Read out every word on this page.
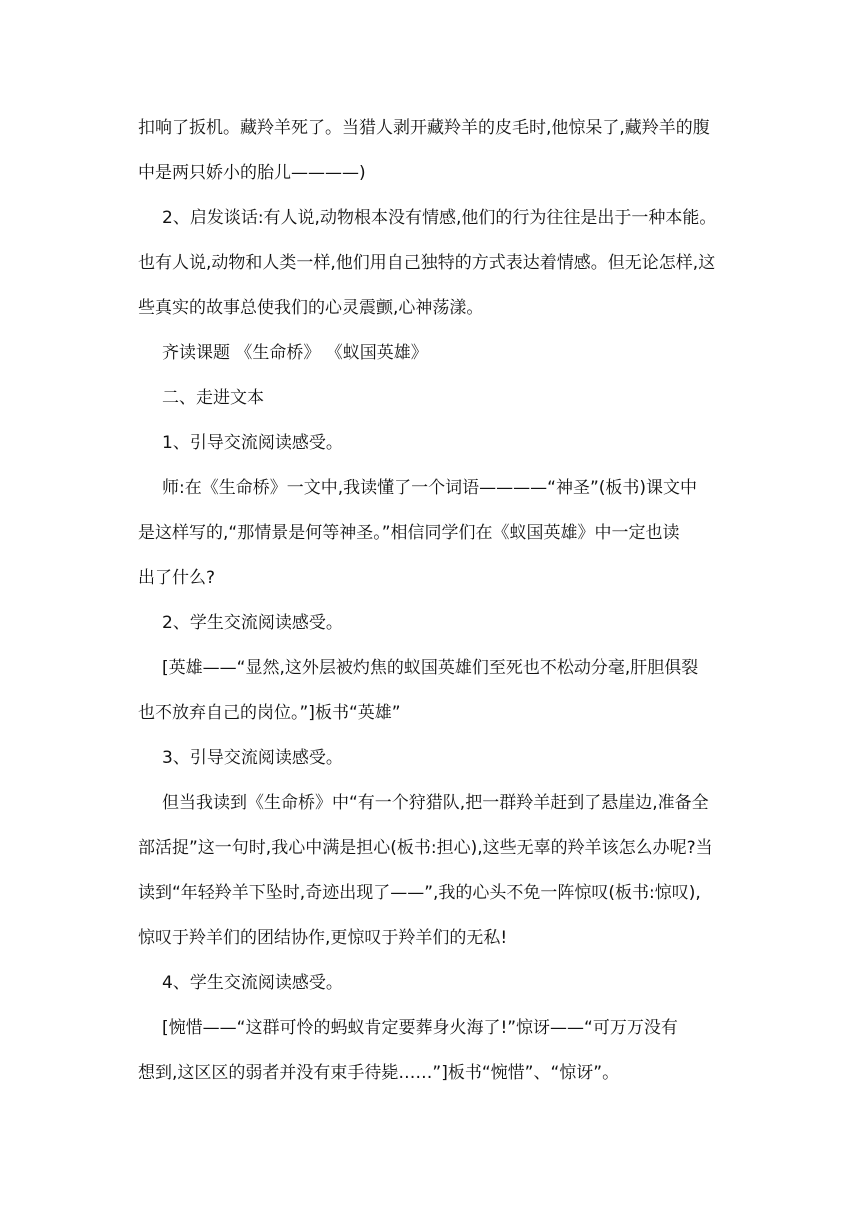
扣响了扳机。藏羚羊死了。当猎人剥开藏羚羊的皮毛时,他惊呆了,藏羚羊的腹
中是两只娇小的胎儿————)
2、启发谈话:有人说,动物根本没有情感,他们的行为往往是出于一种本能。
也有人说,动物和人类一样,他们用自己独特的方式表达着情感。但无论怎样,这
些真实的故事总使我们的心灵震颤,心神荡漾。
齐读课题 《生命桥》 《蚁国英雄》
二、走进文本
1、引导交流阅读感受。
师:在《生命桥》一文中,我读懂了一个词语————“神圣”(板书)课文中
是这样写的,“那情景是何等神圣。”相信同学们在《蚁国英雄》中一定也读
出了什么?
2、学生交流阅读感受。
[英雄——“显然,这外层被灼焦的蚁国英雄们至死也不松动分毫,肝胆俱裂
也不放弃自己的岗位。”]板书“英雄”
3、引导交流阅读感受。
但当我读到《生命桥》中“有一个狩猎队,把一群羚羊赶到了悬崖边,准备全
部活捉”这一句时,我心中满是担心(板书:担心),这些无辜的羚羊该怎么办呢?当
读到“年轻羚羊下坠时,奇迹出现了——”,我的心头不免一阵惊叹(板书:惊叹),
惊叹于羚羊们的团结协作,更惊叹于羚羊们的无私!
4、学生交流阅读感受。
[惋惜——“这群可怜的蚂蚁肯定要葬身火海了!”惊讶——“可万万没有
想到,这区区的弱者并没有束手待毙……”]板书“惋惜”、“惊讶”。
